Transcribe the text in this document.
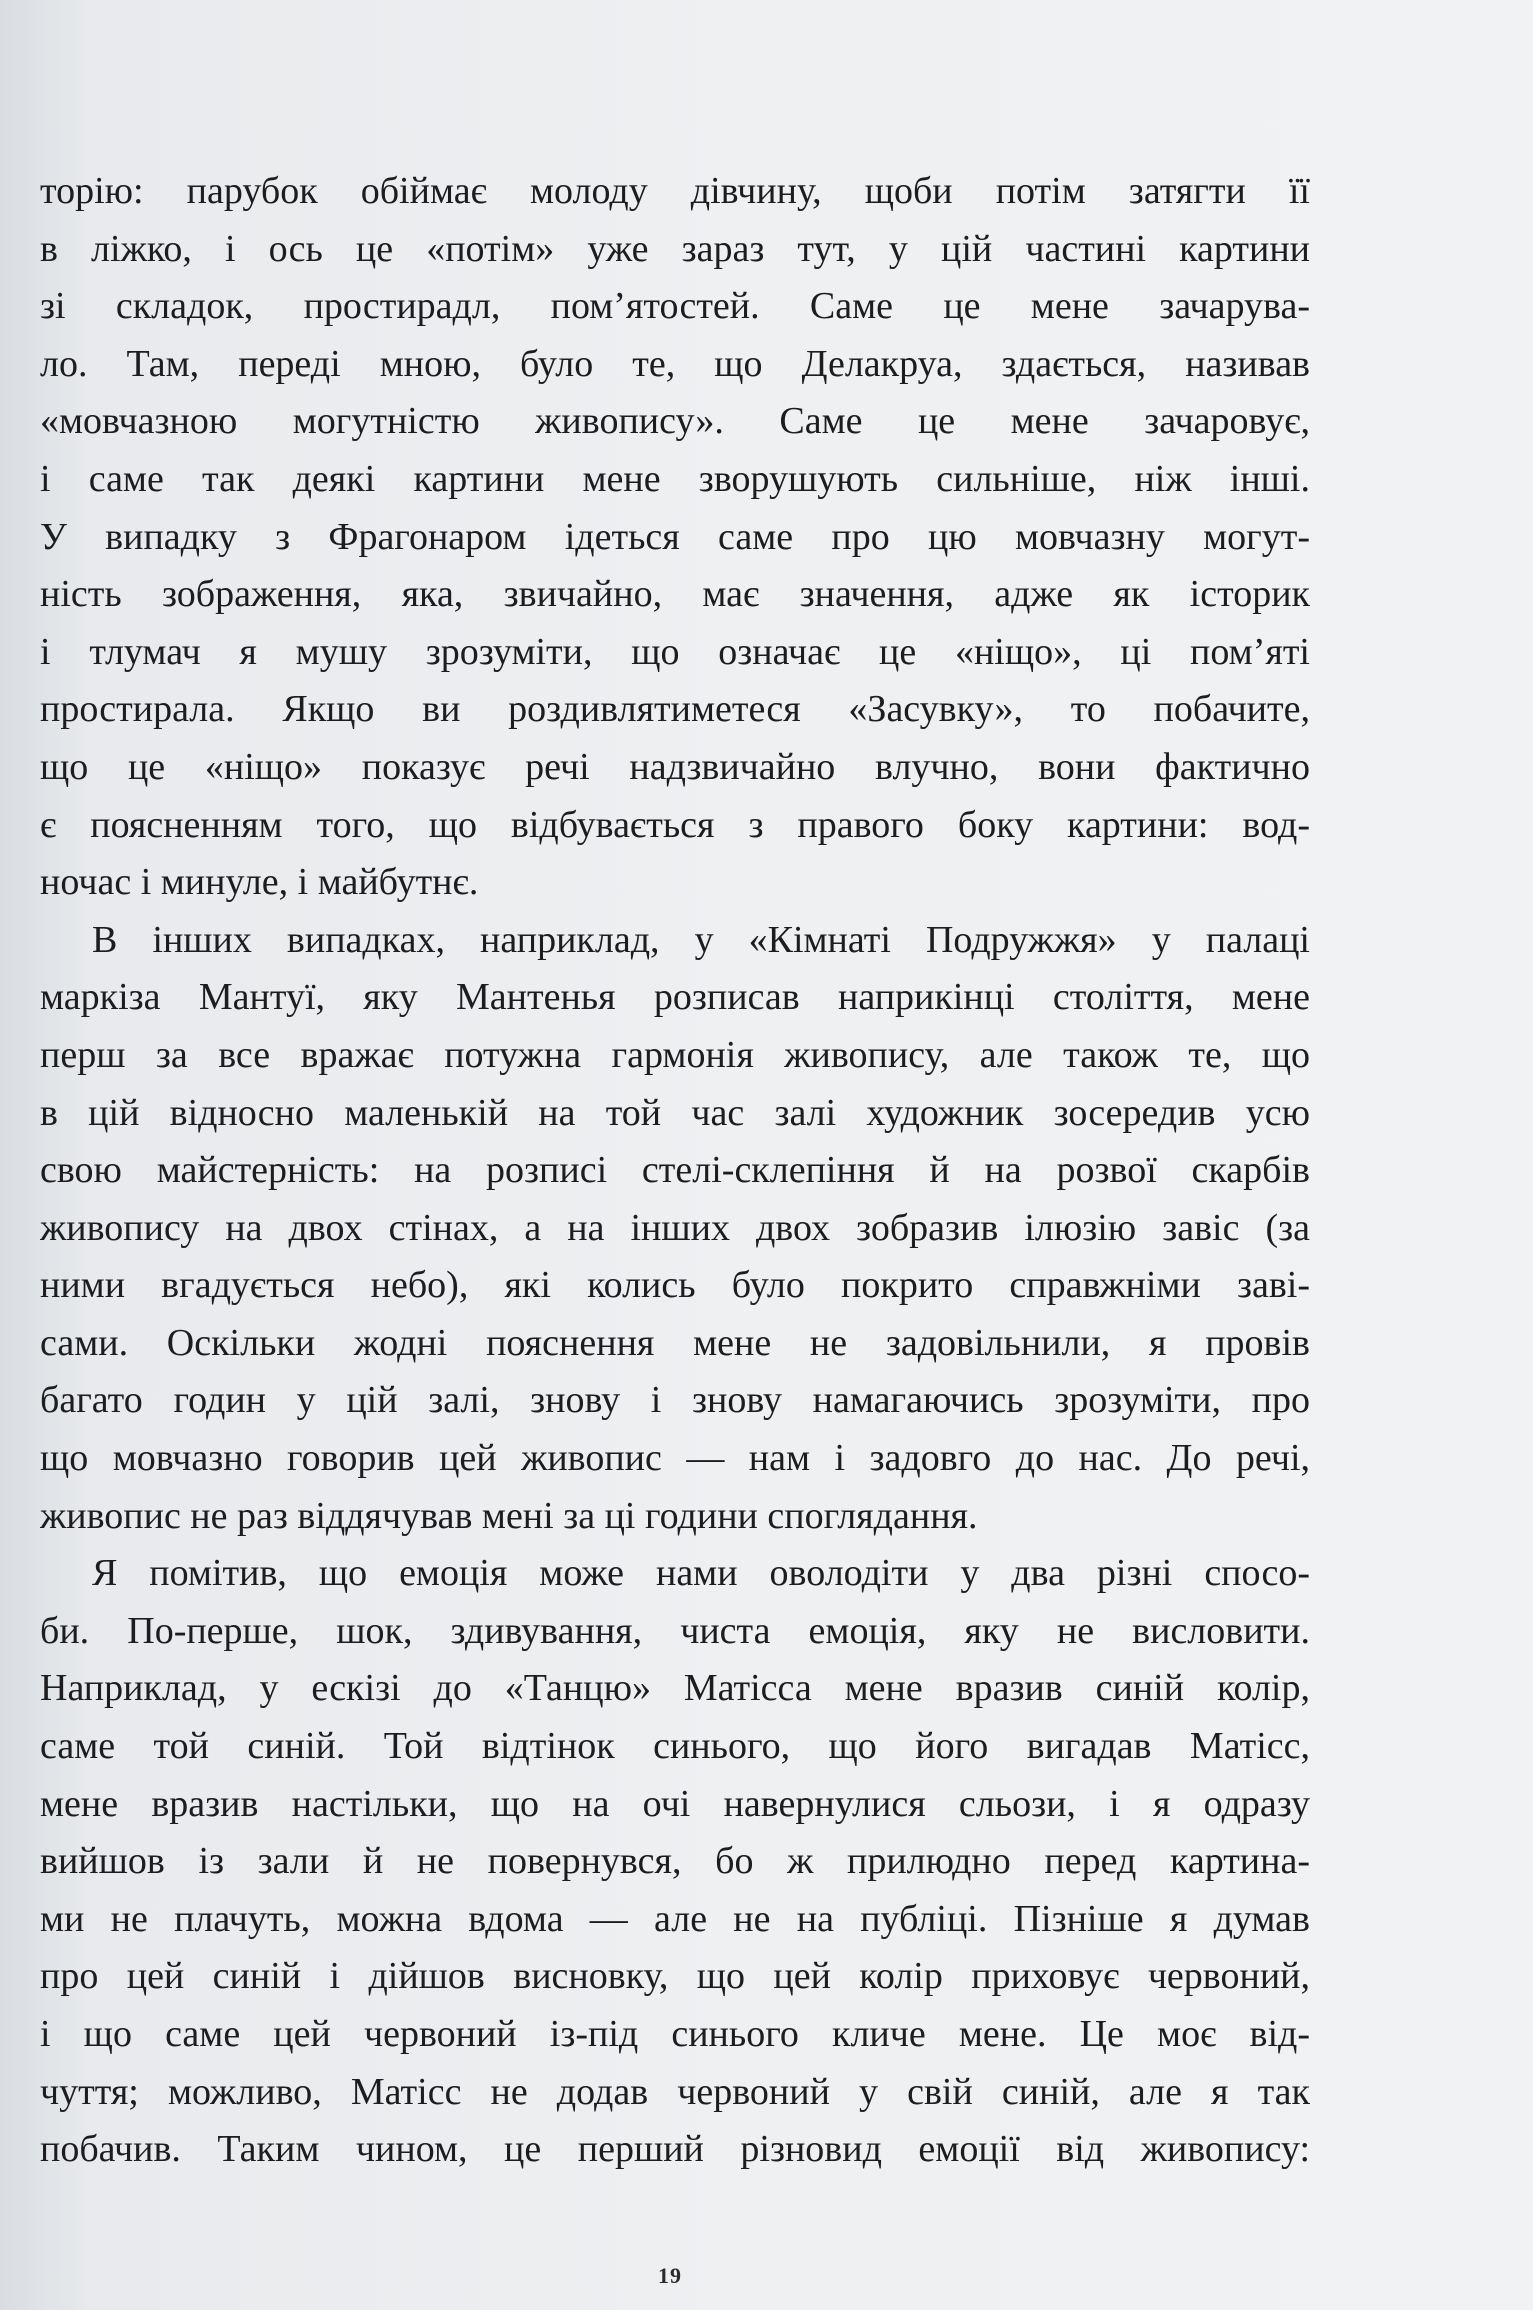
торію: парубок обіймає молоду дівчину, щоби потім затягти її
в ліжко, і ось це «потім» уже зараз тут, у цій частині картини
зі складок, простирадл, пом’ятостей. Саме це мене зачарува-
ло. Там, переді мною, було те, що Делакруа, здається, називав
«мовчазною могутністю живопису». Саме це мене зачаровує,
і саме так деякі картини мене зворушують сильніше, ніж інші.
У випадку з Фрагонаром ідеться саме про цю мовчазну могут-
ність зображення, яка, звичайно, має значення, адже як історик
і тлумач я мушу зрозуміти, що означає це «ніщо», ці пом’яті
простирала. Якщо ви роздивлятиметеся «Засувку», то побачите,
що це «ніщо» показує речі надзвичайно влучно, вони фактично
є поясненням того, що відбувається з правого боку картини: вод-
ночас і минуле, і майбутнє.
В інших випадках, наприклад, у «Кімнаті Подружжя» у палаці
маркіза Мантуї, яку Мантенья розписав наприкінці століття, мене
перш за все вражає потужна гармонія живопису, але також те, що
в цій відносно маленькій на той час залі художник зосередив усю
свою майстерність: на розписі стелі-склепіння й на розвої скарбів
живопису на двох стінах, а на інших двох зобразив ілюзію завіс (за
ними вгадується небо), які колись було покрито справжніми заві-
сами. Оскільки жодні пояснення мене не задовільнили, я провів
багато годин у цій залі, знову і знову намагаючись зрозуміти, про
що мовчазно говорив цей живопис — нам і задовго до нас. До речі,
живопис не раз віддячував мені за ці години споглядання.
Я помітив, що емоція може нами оволодіти у два різні спосо-
би. По-перше, шок, здивування, чиста емоція, яку не висловити.
Наприклад, у ескізі до «Танцю» Матісса мене вразив синій колір,
саме той синій. Той відтінок синього, що його вигадав Матісс,
мене вразив настільки, що на очі навернулися сльози, і я одразу
вийшов із зали й не повернувся, бо ж прилюдно перед картина-
ми не плачуть, можна вдома — але не на публіці. Пізніше я думав
про цей синій і дійшов висновку, що цей колір приховує червоний,
і що саме цей червоний із-під синього кличе мене. Це моє від-
чуття; можливо, Матісс не додав червоний у свій синій, але я так
побачив. Таким чином, це перший різновид емоції від живопису:
19
